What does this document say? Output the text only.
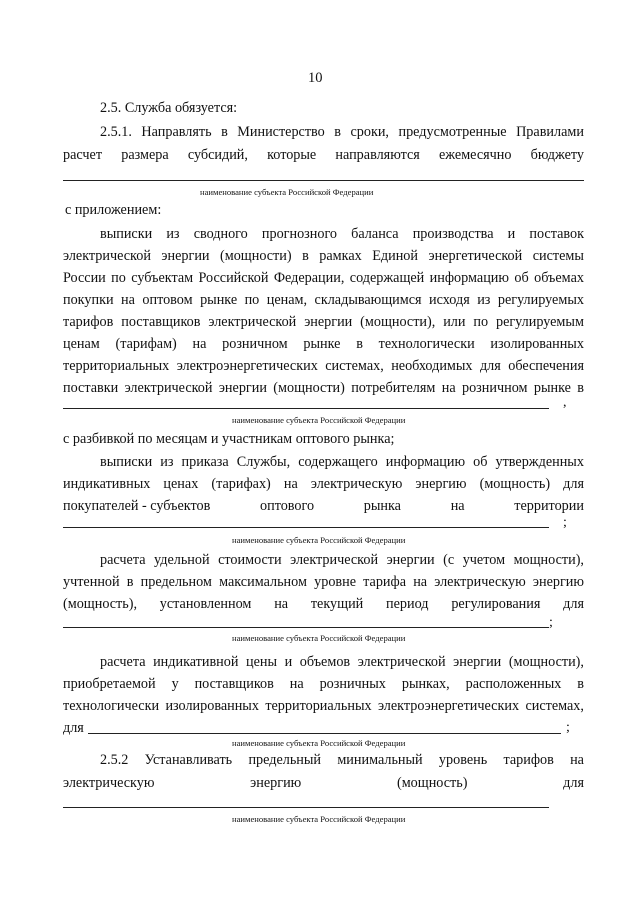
10
2.5. Служба обязуется:
2.5.1. Направлять в Министерство в сроки, предусмотренные Правилами
расчет размера субсидий, которые направляются ежемесячно бюджету
наименование субъекта Российской Федерации
с приложением:
выписки из сводного прогнозного баланса производства и поставок
электрической энергии (мощности) в рамках Единой энергетической системы
России по субъектам Российской Федерации, содержащей информацию об объемах
покупки на оптовом рынке по ценам, складывающимся исходя из регулируемых
тарифов поставщиков электрической энергии (мощности), или по регулируемым
ценам (тарифам) на розничном рынке в технологически изолированных
территориальных электроэнергетических системах, необходимых для обеспечения
поставки электрической энергии (мощности) потребителям на розничном рынке в
,
наименование субъекта Российской Федерации
с разбивкой по месяцам и участникам оптового рынка;
выписки из приказа Службы, содержащего информацию об утвержденных
индикативных ценах (тарифах) на электрическую энергию (мощность) для
покупателей - субъектов	оптового	рынка	на	территории
;
наименование субъекта Российской Федерации
расчета удельной стоимости электрической энергии (с учетом мощности),
учтенной в предельном максимальном уровне тарифа на электрическую энергию
(мощность), установленном на текущий период регулирования для
;
наименование субъекта Российской Федерации
расчета индикативной цены и объемов электрической энергии (мощности),
приобретаемой у поставщиков на розничных рынках, расположенных в
технологически изолированных территориальных электроэнергетических системах,
для	;
наименование субъекта Российской Федерации
2.5.2 Устанавливать предельный минимальный уровень тарифов на
электрическую	энергию	(мощность)	для
наименование субъекта Российской Федерации
